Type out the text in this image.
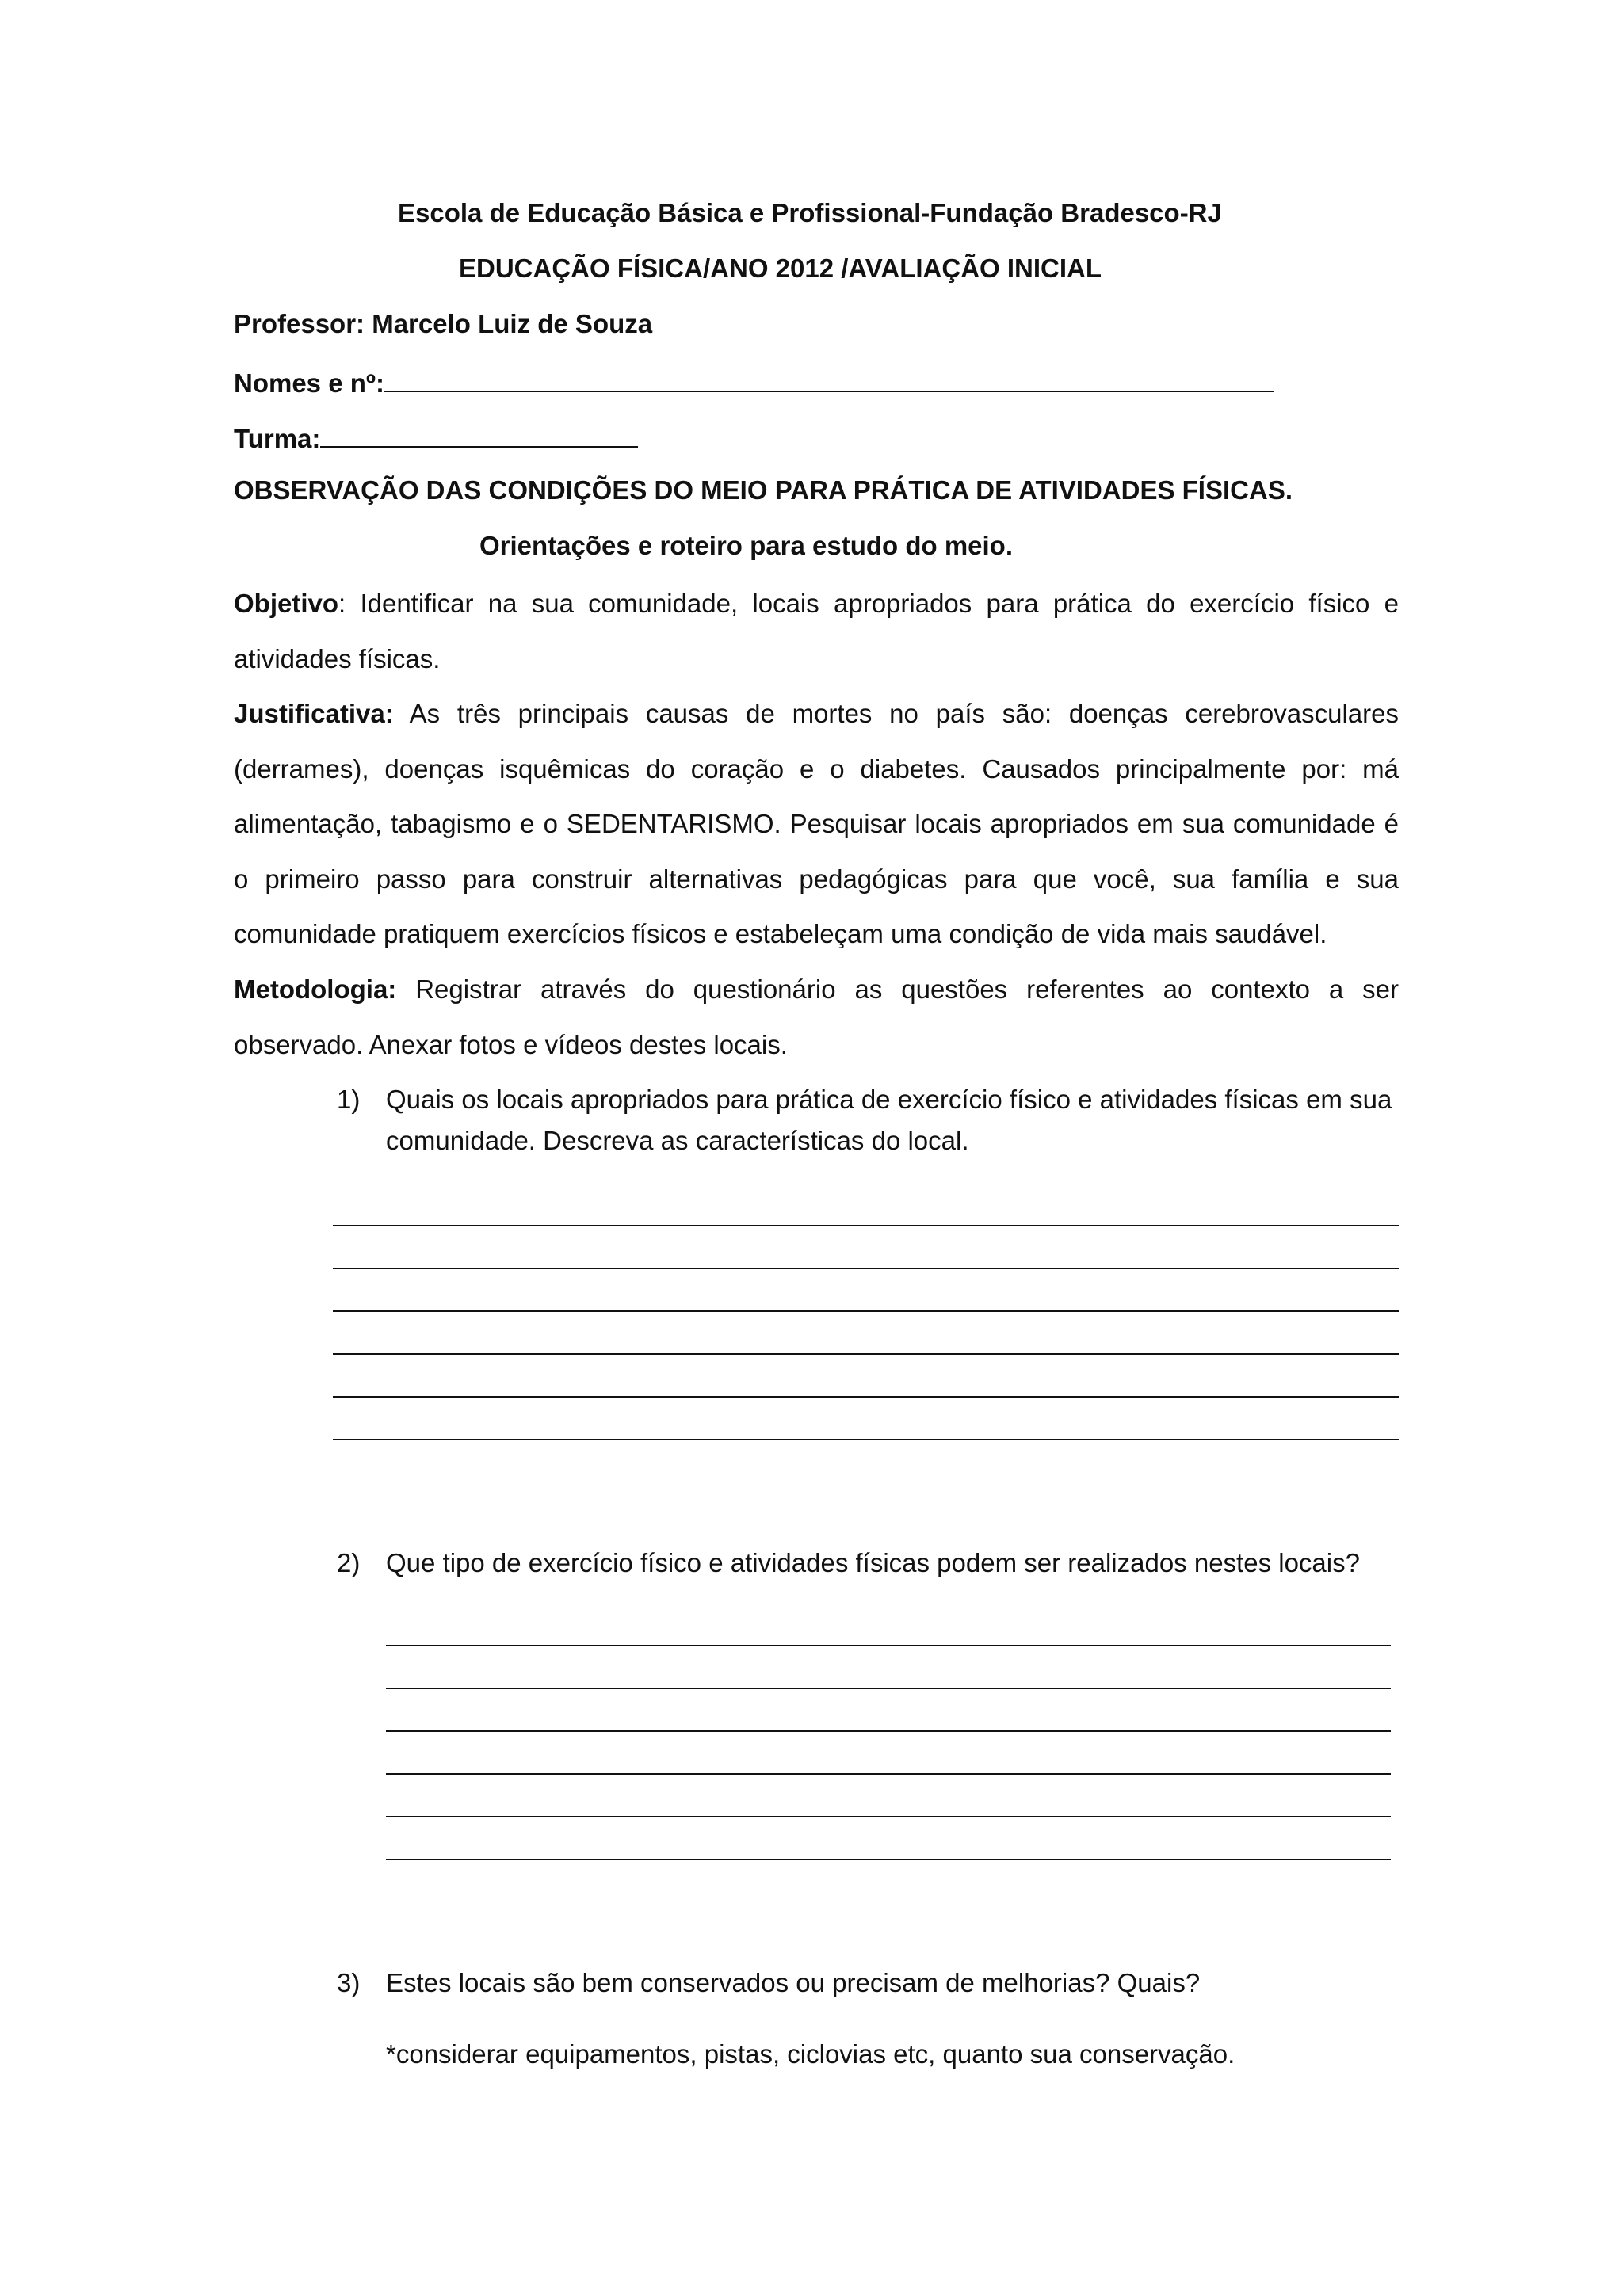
Escola de Educação Básica e Profissional-Fundação Bradesco-RJ
EDUCAÇÃO FÍSICA/ANO 2012 /AVALIAÇÃO INICIAL
Professor: Marcelo Luiz de Souza
Nomes e nº:
Turma:
OBSERVAÇÃO DAS CONDIÇÕES DO MEIO PARA PRÁTICA DE ATIVIDADES FÍSICAS.
Orientações e roteiro para estudo do meio.
Objetivo: Identificar na sua comunidade, locais apropriados para prática do exercício físico e atividades físicas.
Justificativa: As três principais causas de mortes no país são: doenças cerebrovasculares (derrames), doenças isquêmicas do coração e o diabetes. Causados principalmente por: má alimentação, tabagismo e o SEDENTARISMO. Pesquisar locais apropriados em sua comunidade é o primeiro passo para construir alternativas pedagógicas para que você, sua família e sua comunidade pratiquem exercícios físicos e estabeleçam uma condição de vida mais saudável.
Metodologia: Registrar através do questionário as questões referentes ao contexto a ser observado. Anexar fotos e vídeos destes locais.
1) Quais os locais apropriados para prática de exercício físico e atividades físicas em sua comunidade. Descreva as características do local.
2) Que tipo de exercício físico e atividades físicas podem ser realizados nestes locais?
3) Estes locais são bem conservados ou precisam de melhorias? Quais?
*considerar equipamentos, pistas, ciclovias etc, quanto sua conservação.
